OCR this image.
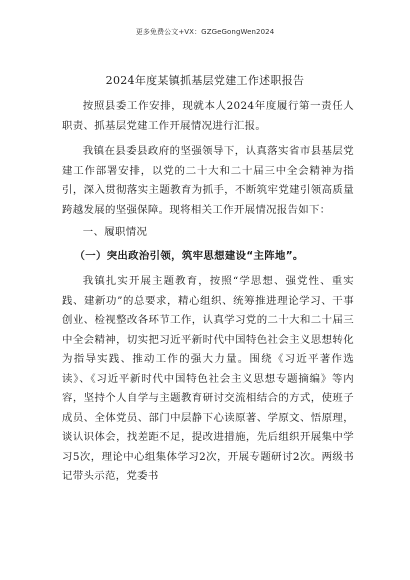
更多免费公文+VX：GZGeGongWen2024
2024年度某镇抓基层党建工作述职报告

按照县委工作安排，现就本人2024年度履行第一责任人职责、抓基层党建工作开展情况进行汇报。

我镇在县委县政府的坚强领导下，认真落实省市县基层党建工作部署安排，以党的二十大和二十届三中全会精神为指引，深入贯彻落实主题教育为抓手，不断筑牢党建引领高质量跨越发展的坚强保障。现将相关工作开展情况报告如下：

一、履职情况

（一）突出政治引领，筑牢思想建设“主阵地”。

我镇扎实开展主题教育，按照“学思想、强党性、重实践、建新功”的总要求，精心组织、统筹推进理论学习、干事创业、检视整改各环节工作，认真学习党的二十大和二十届三中全会精神，切实把习近平新时代中国特色社会主义思想转化为指导实践、推动工作的强大力量。围绕《习近平著作选读》、《习近平新时代中国特色社会主义思想专题摘编》等内容，坚持个人自学与主题教育研讨交流相结合的方式，使班子成员、全体党员、部门中层静下心读原著、学原文、悟原理，谈认识体会，找差距不足，提改进措施，先后组织开展集中学习5次，理论中心组集体学习2次，开展专题研讨2次。两级书记带头示范，党委书
